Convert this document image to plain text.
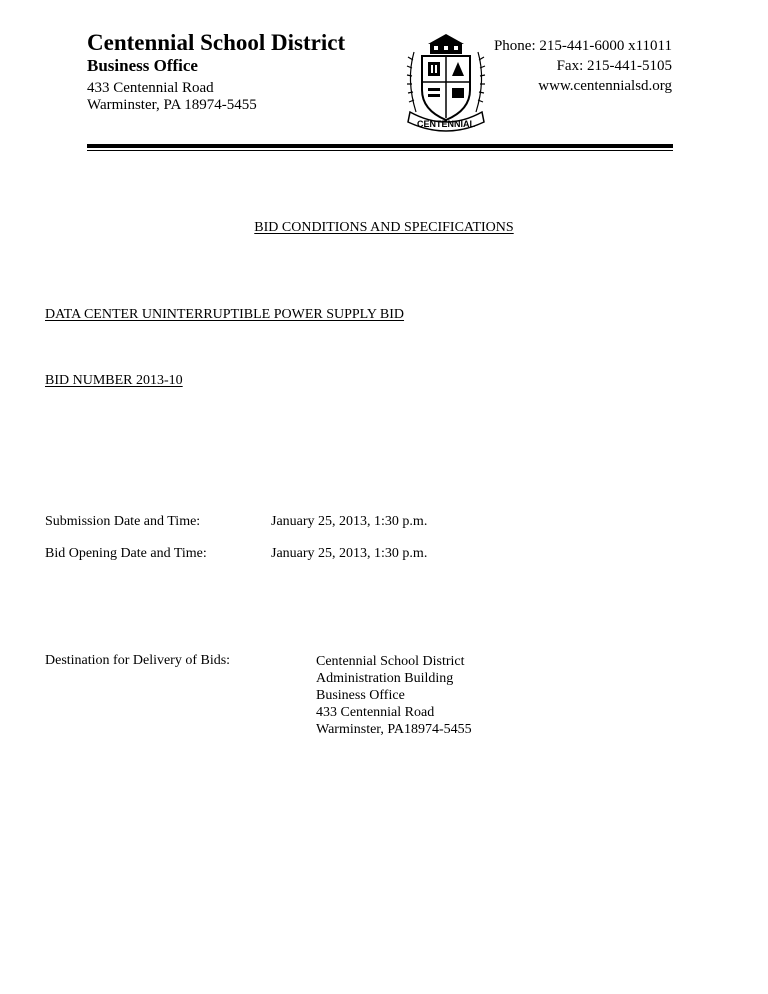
Centennial School District
Business Office
433 Centennial Road
Warminster, PA 18974-5455
CENTENNIAL
Phone: 215-441-6000 x11011
Fax: 215-441-5105
www.centennialsd.org
BID CONDITIONS AND SPECIFICATIONS
DATA CENTER UNINTERRUPTIBLE POWER SUPPLY BID
BID NUMBER 2013-10
Submission Date and Time:	January 25, 2013, 1:30 p.m.
Bid Opening Date and Time:	January 25, 2013, 1:30 p.m.
Destination for Delivery of Bids:	Centennial School District
Administration Building
Business Office
433 Centennial Road
Warminster, PA18974-5455
